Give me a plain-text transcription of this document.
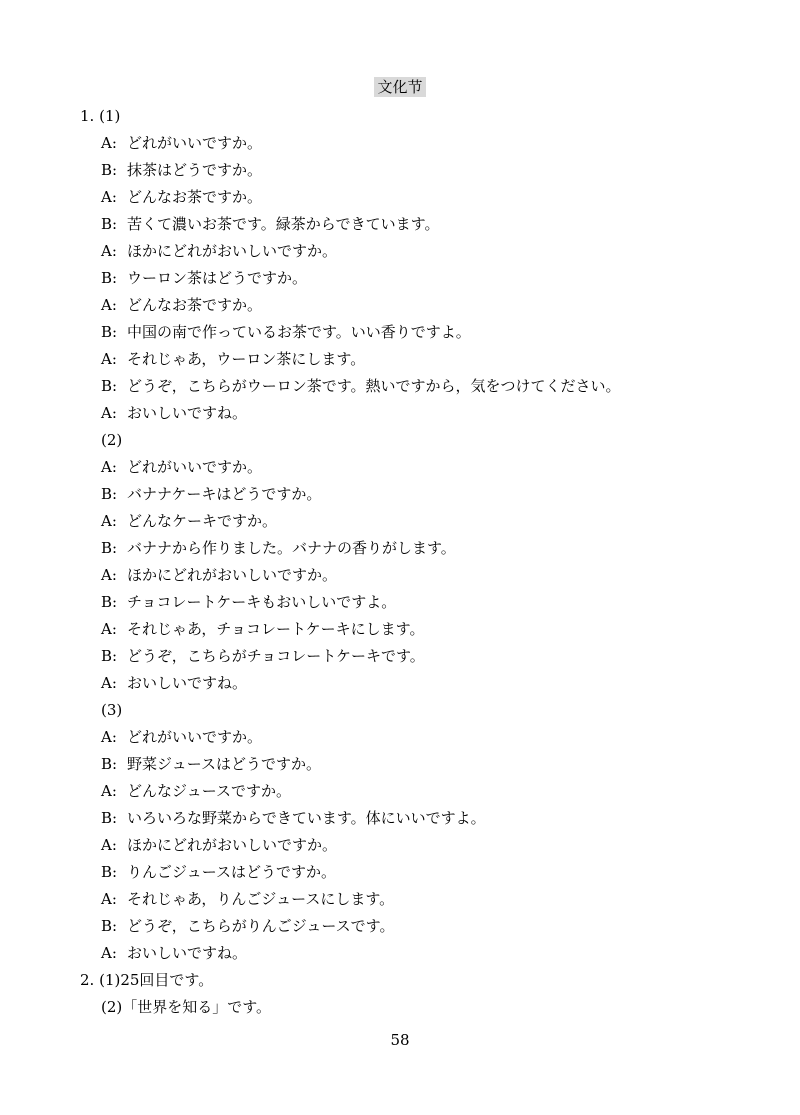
文化节
1. (1)
A: どれがいいですか。
B: 抹茶はどうですか。
A: どんなお茶ですか。
B: 苦くて濃いお茶です。緑茶からできています。
A: ほかにどれがおいしいですか。
B: ウーロン茶はどうですか。
A: どんなお茶ですか。
B: 中国の南で作っているお茶です。いい香りですよ。
A: それじゃあ，ウーロン茶にします。
B: どうぞ，こちらがウーロン茶です。熱いですから，気をつけてください。
A: おいしいですね。
(2)
A: どれがいいですか。
B: バナナケーキはどうですか。
A: どんなケーキですか。
B: バナナから作りました。バナナの香りがします。
A: ほかにどれがおいしいですか。
B: チョコレートケーキもおいしいですよ。
A: それじゃあ，チョコレートケーキにします。
B: どうぞ，こちらがチョコレートケーキです。
A: おいしいですね。
(3)
A: どれがいいですか。
B: 野菜ジュースはどうですか。
A: どんなジュースですか。
B: いろいろな野菜からできています。体にいいですよ。
A: ほかにどれがおいしいですか。
B: りんごジュースはどうですか。
A: それじゃあ，りんごジュースにします。
B: どうぞ，こちらがりんごジュースです。
A: おいしいですね。
2. (1)25回目です。
(2)「世界を知る」です。
58
